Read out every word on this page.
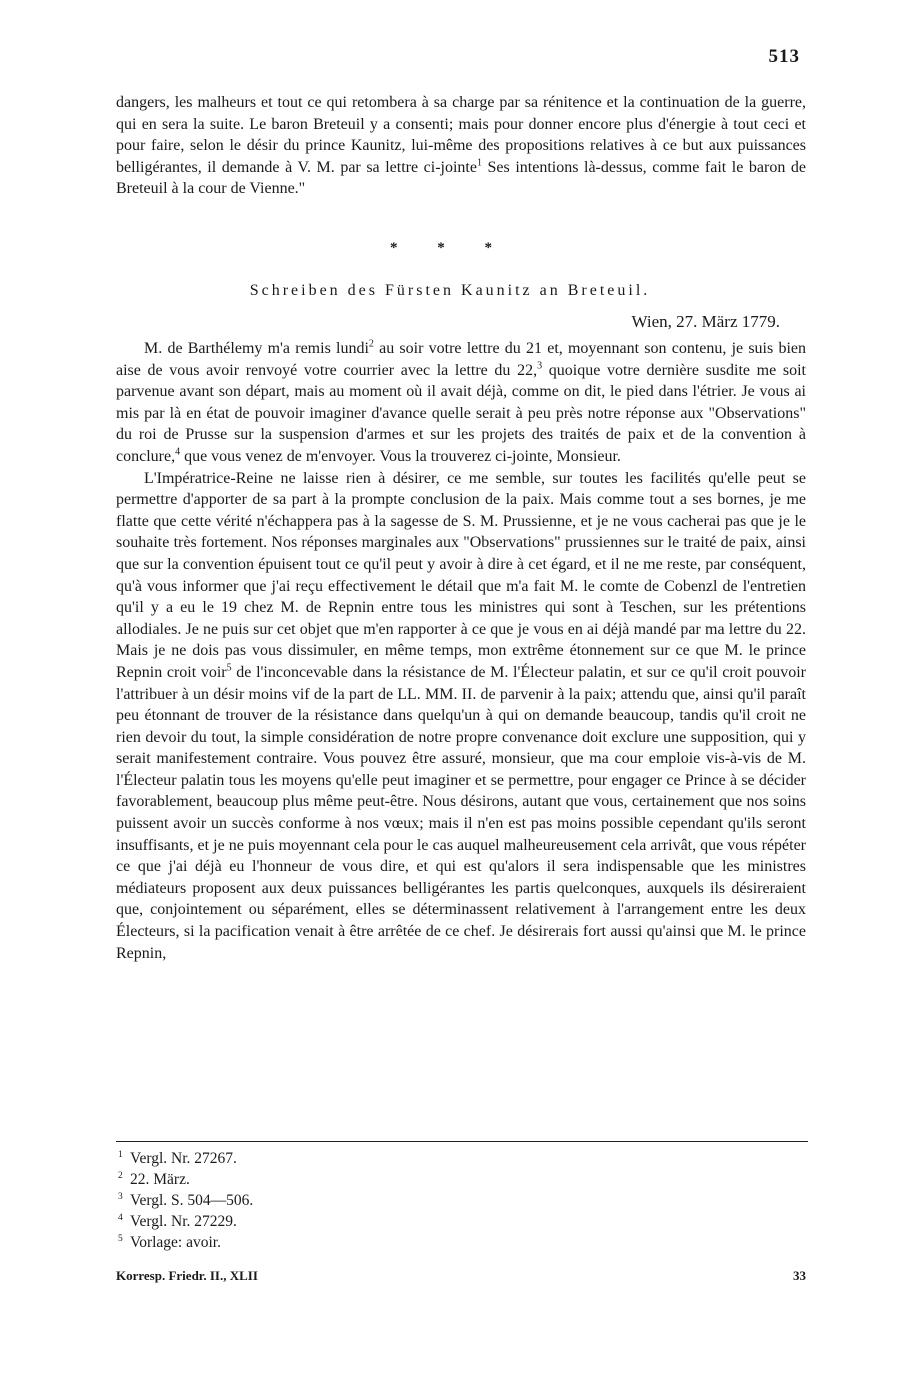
513

dangers, les malheurs et tout ce qui retombera à sa charge par sa rénitence et la continuation de la guerre, qui en sera la suite. Le baron Breteuil y a consenti; mais pour donner encore plus d'énergie à tout ceci et pour faire, selon le désir du prince Kaunitz, lui-même des propositions relatives à ce but aux puissances belligérantes, il demande à V. M. par sa lettre ci-jointe$^1$ Ses intentions là-dessus, comme fait le baron de Breteuil à la cour de Vienne."

* * *
Schreiben des Fürsten Kaunitz an Breteuil.
Wien, 27. März 1779.

M. de Barthélemy m'a remis lundi$^2$ au soir votre lettre du 21 et, moyennant son contenu, je suis bien aise de vous avoir renvoyé votre courrier avec la lettre du 22,$^3$ quoique votre dernière susdite me soit parvenue avant son départ, mais au moment où il avait déjà, comme on dit, le pied dans l'étrier. Je vous ai mis par là en état de pouvoir imaginer d'avance quelle serait à peu près notre réponse aux "Observations" du roi de Prusse sur la suspension d'armes et sur les projets des traités de paix et de la convention à conclure,$^4$ que vous venez de m'envoyer. Vous la trouverez ci-jointe, Monsieur.

L'Impératrice-Reine ne laisse rien à désirer, ce me semble, sur toutes les facilités qu'elle peut se permettre d'apporter de sa part à la prompte conclusion de la paix. Mais comme tout a ses bornes, je me flatte que cette vérité n'échappera pas à la sagesse de S. M. Prussienne, et je ne vous cacherai pas que je le souhaite très fortement. Nos réponses marginales aux "Observations" prussiennes sur le traité de paix, ainsi que sur la convention épuisent tout ce qu'il peut y avoir à dire à cet égard, et il ne me reste, par conséquent, qu'à vous informer que j'ai reçu effectivement le détail que m'a fait M. le comte de Cobenzl de l'entretien qu'il y a eu le 19 chez M. de Repnin entre tous les ministres qui sont à Teschen, sur les prétentions allodiales. Je ne puis sur cet objet que m'en rapporter à ce que je vous en ai déjà mandé par ma lettre du 22. Mais je ne dois pas vous dissimuler, en même temps, mon extrême étonnement sur ce que M. le prince Repnin croit voir$^5$ de l'inconcevable dans la résistance de M. l'Électeur palatin, et sur ce qu'il croit pouvoir l'attribuer à un désir moins vif de la part de LL. MM. II. de parvenir à la paix; attendu que, ainsi qu'il paraît peu étonnant de trouver de la résistance dans quelqu'un à qui on demande beaucoup, tandis qu'il croit ne rien devoir du tout, la simple considération de notre propre convenance doit exclure une supposition, qui y serait manifestement contraire. Vous pouvez être assuré, monsieur, que ma cour emploie vis-à-vis de M. l'Électeur palatin tous les moyens qu'elle peut imaginer et se permettre, pour engager ce Prince à se décider favorablement, beaucoup plus même peut-être. Nous désirons, autant que vous, certainement que nos soins puissent avoir un succès conforme à nos vœux; mais il n'en est pas moins possible cependant qu'ils seront insuffisants, et je ne puis moyennant cela pour le cas auquel malheureusement cela arrivât, que vous répéter ce que j'ai déjà eu l'honneur de vous dire, et qui est qu'alors il sera indispensable que les ministres médiateurs proposent aux deux puissances belligérantes les partis quelconques, auxquels ils désireraient que, conjointement ou séparément, elles se déterminassent relativement à l'arrangement entre les deux Électeurs, si la pacification venait à être arrêtée de ce chef. Je désirerais fort aussi qu'ainsi que M. le prince Repnin,

1 Vergl. Nr. 27267.
2 22. März.
3 Vergl. S. 504—506.
4 Vergl. Nr. 27229.
5 Vorlage: avoir.
Korresp. Friedr. II., XLII	33
